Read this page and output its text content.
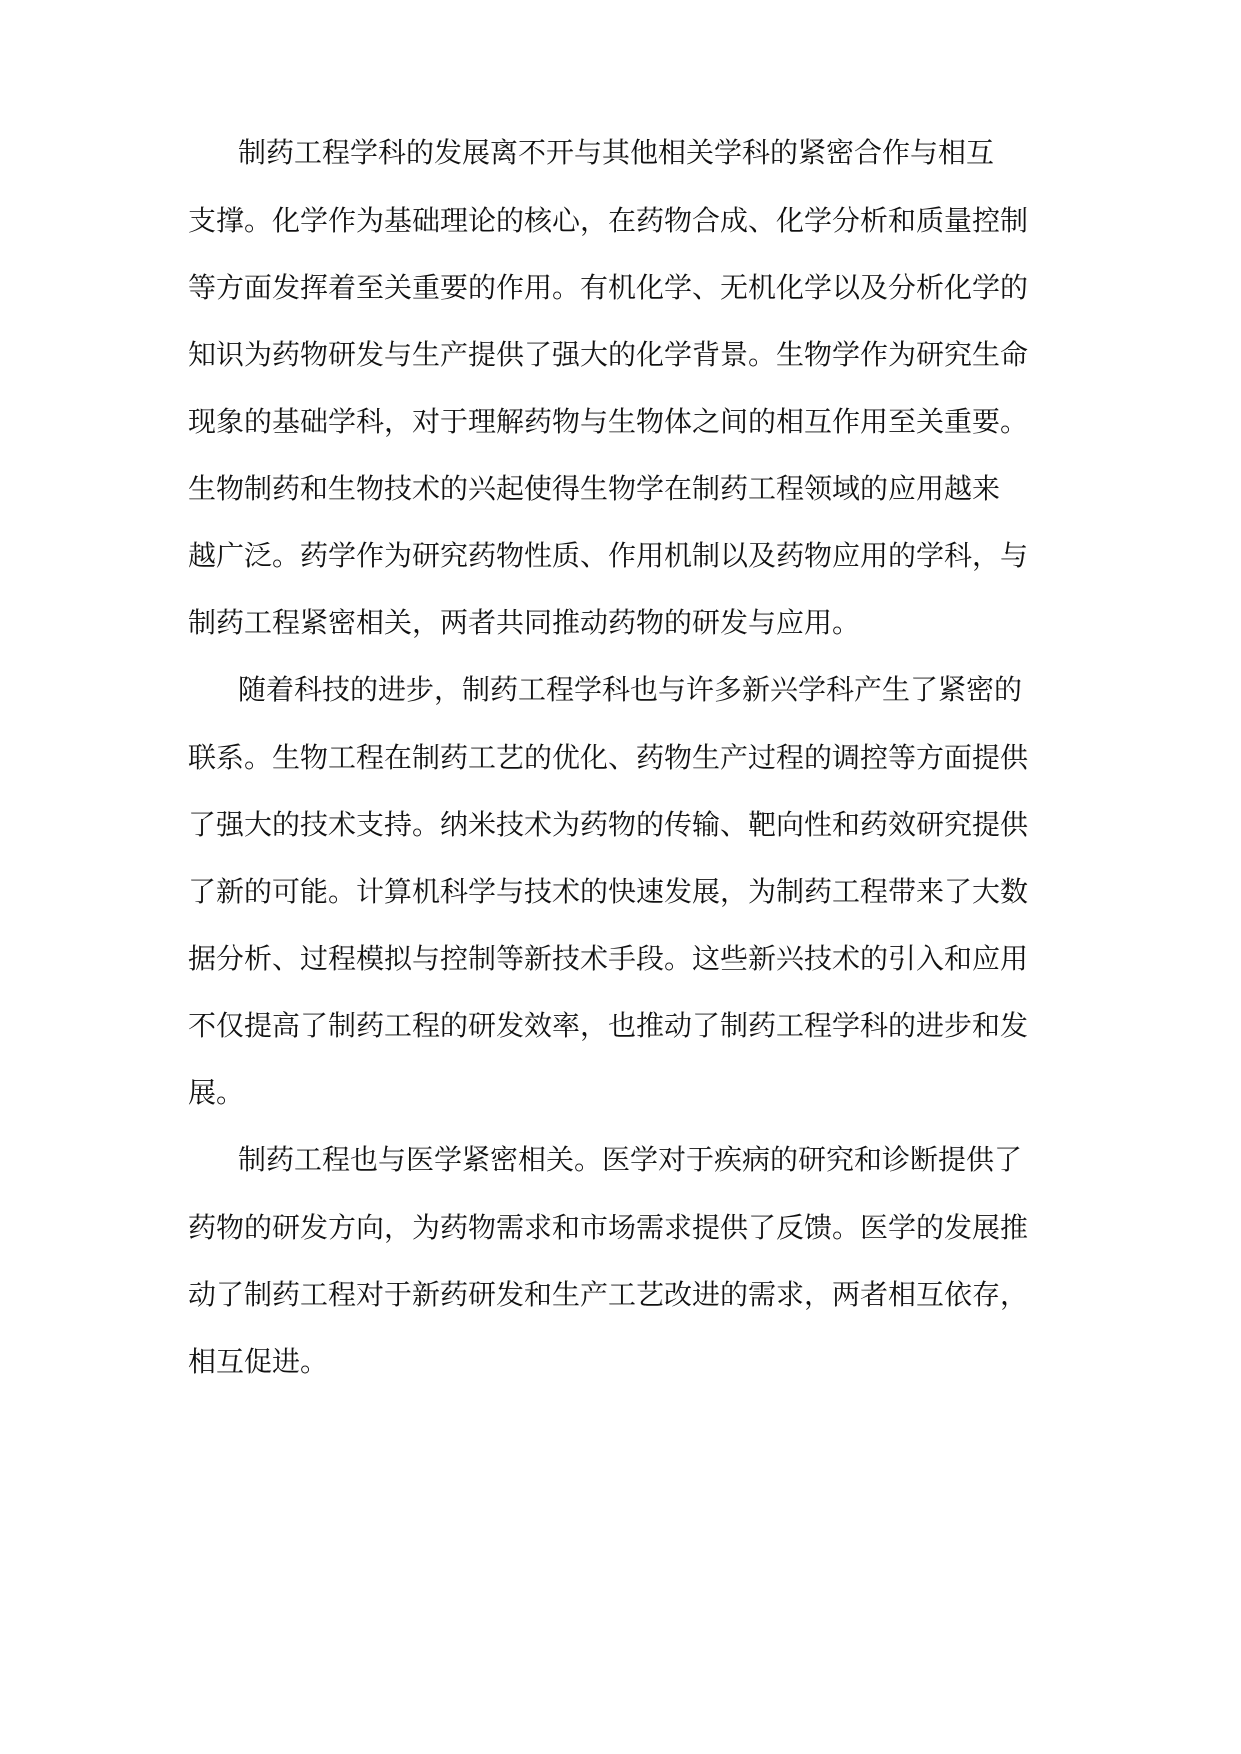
制药工程学科的发展离不开与其他相关学科的紧密合作与相互
支撑。化学作为基础理论的核心，在药物合成、化学分析和质量控制
等方面发挥着至关重要的作用。有机化学、无机化学以及分析化学的
知识为药物研发与生产提供了强大的化学背景。生物学作为研究生命
现象的基础学科，对于理解药物与生物体之间的相互作用至关重要。
生物制药和生物技术的兴起使得生物学在制药工程领域的应用越来
越广泛。药学作为研究药物性质、作用机制以及药物应用的学科，与
制药工程紧密相关，两者共同推动药物的研发与应用。
随着科技的进步，制药工程学科也与许多新兴学科产生了紧密的
联系。生物工程在制药工艺的优化、药物生产过程的调控等方面提供
了强大的技术支持。纳米技术为药物的传输、靶向性和药效研究提供
了新的可能。计算机科学与技术的快速发展，为制药工程带来了大数
据分析、过程模拟与控制等新技术手段。这些新兴技术的引入和应用
不仅提高了制药工程的研发效率，也推动了制药工程学科的进步和发
展。
制药工程也与医学紧密相关。医学对于疾病的研究和诊断提供了
药物的研发方向，为药物需求和市场需求提供了反馈。医学的发展推
动了制药工程对于新药研发和生产工艺改进的需求，两者相互依存，
相互促进。
